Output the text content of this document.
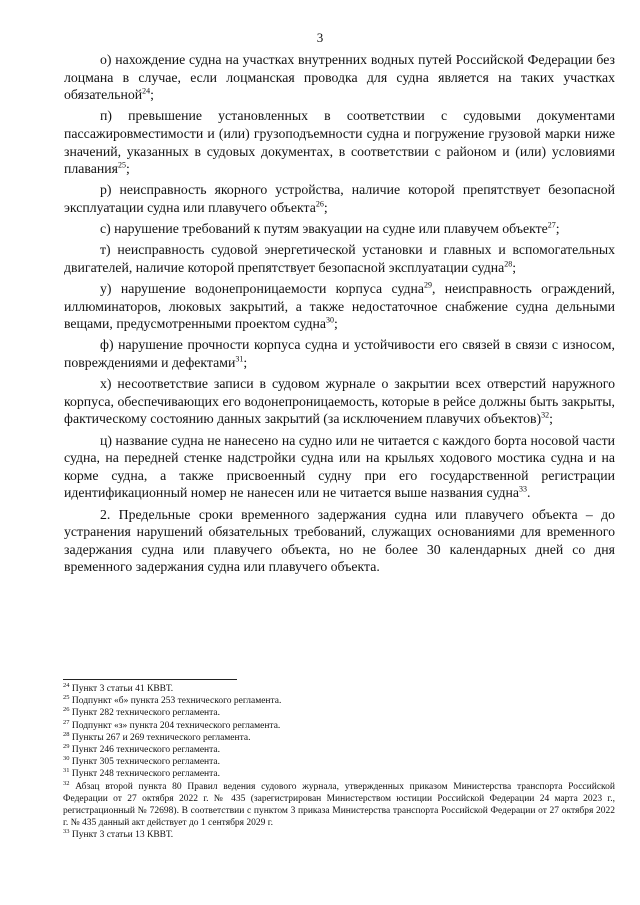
3

о) нахождение судна на участках внутренних водных путей Российской Федерации без лоцмана в случае, если лоцманская проводка для судна является на таких участках обязательной$^{24}$;

п) превышение установленных в соответствии с судовыми документами пассажировместимости и (или) грузоподъемности судна и погружение грузовой марки ниже значений, указанных в судовых документах, в соответствии с районом и (или) условиями плавания$^{25}$;

р) неисправность якорного устройства, наличие которой препятствует безопасной эксплуатации судна или плавучего объекта$^{26}$;

с) нарушение требований к путям эвакуации на судне или плавучем объекте$^{27}$;

т) неисправность судовой энергетической установки и главных и вспомогательных двигателей, наличие которой препятствует безопасной эксплуатации судна$^{28}$;

у) нарушение водонепроницаемости корпуса судна$^{29}$, неисправность ограждений, иллюминаторов, люковых закрытий, а также недостаточное снабжение судна дельными вещами, предусмотренными проектом судна$^{30}$;

ф) нарушение прочности корпуса судна и устойчивости его связей в связи с износом, повреждениями и дефектами$^{31}$;

х) несоответствие записи в судовом журнале о закрытии всех отверстий наружного корпуса, обеспечивающих его водонепроницаемость, которые в рейсе должны быть закрыты, фактическому состоянию данных закрытий (за исключением плавучих объектов)$^{32}$;

ц) название судна не нанесено на судно или не читается с каждого борта носовой части судна, на передней стенке надстройки судна или на крыльях ходового мостика судна и на корме судна, а также присвоенный судну при его государственной регистрации идентификационный номер не нанесен или не читается выше названия судна$^{33}$.

2. Предельные сроки временного задержания судна или плавучего объекта – до устранения нарушений обязательных требований, служащих основаниями для временного задержания судна или плавучего объекта, но не более 30 календарных дней со дня временного задержания судна или плавучего объекта.

$^{24}$ Пункт 3 статьи 41 КВВТ.

$^{25}$ Подпункт «б» пункта 253 технического регламента.

$^{26}$ Пункт 282 технического регламента.

$^{27}$ Подпункт «з» пункта 204 технического регламента.

$^{28}$ Пункты 267 и 269 технического регламента.

$^{29}$ Пункт 246 технического регламента.

$^{30}$ Пункт 305 технического регламента.

$^{31}$ Пункт 248 технического регламента.

$^{32}$ Абзац второй пункта 80 Правил ведения судового журнала, утвержденных приказом Министерства транспорта Российской Федерации от 27 октября 2022 г. № 435 (зарегистрирован Министерством юстиции Российской Федерации 24 марта 2023 г., регистрационный № 72698). В соответствии с пунктом 3 приказа Министерства транспорта Российской Федерации от 27 октября 2022 г. № 435 данный акт действует до 1 сентября 2029 г.

$^{33}$ Пункт 3 статьи 13 КВВТ.
